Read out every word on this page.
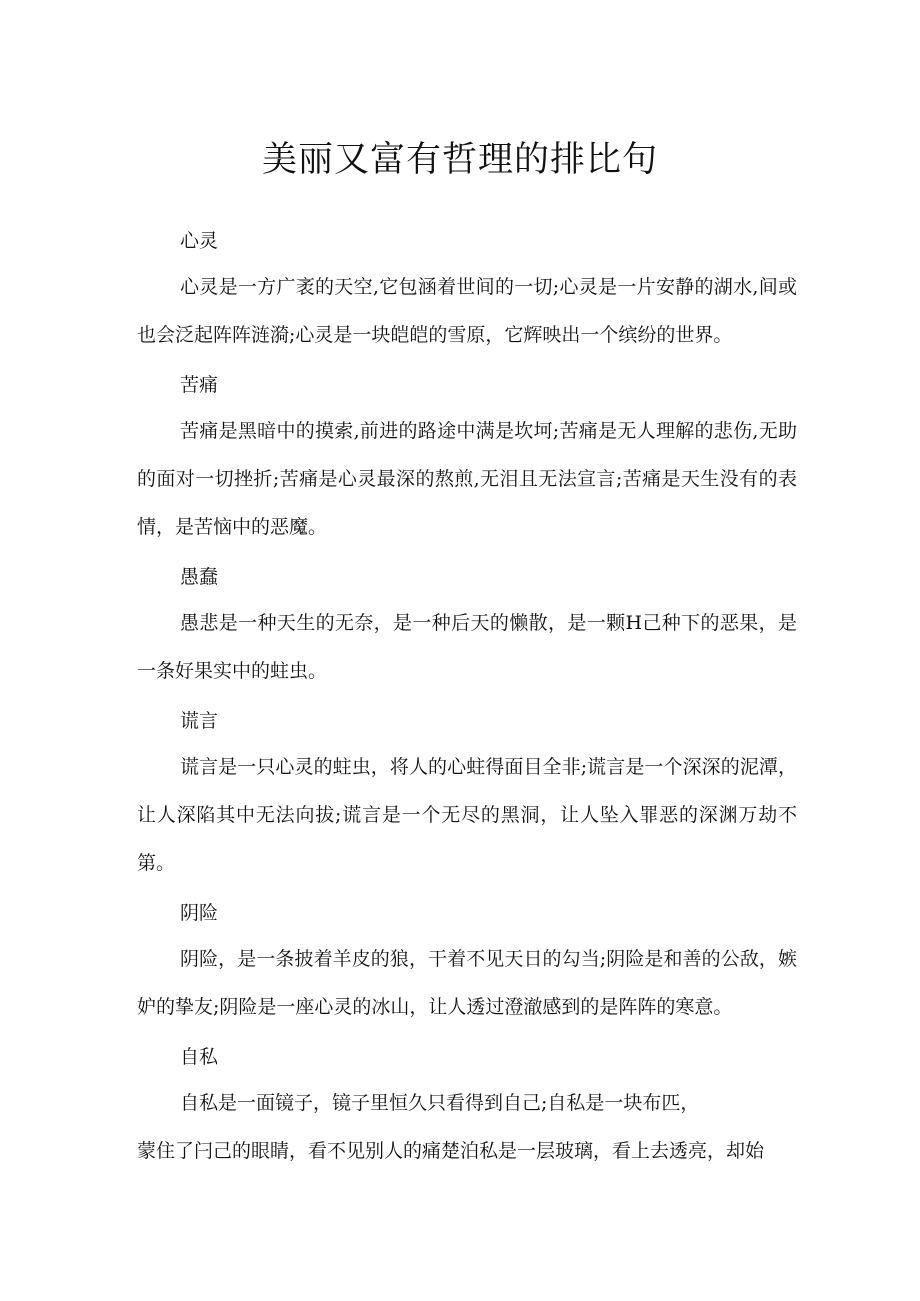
美丽又富有哲理的排比句
心灵
心灵是一方广袤的天空,它包涵着世间的一切;心灵是一片安静的湖水,间或也会泛起阵阵涟漪;心灵是一块皑皑的雪原，它辉映出一个缤纷的世界。
苦痛
苦痛是黑暗中的摸索,前进的路途中满是坎坷;苦痛是无人理解的悲伤,无助的面对一切挫折;苦痛是心灵最深的熬煎,无泪且无法宣言;苦痛是天生没有的表情，是苦恼中的恶魔。
愚蠢
愚悲是一种天生的无奈，是一种后天的懒散，是一颗H己种下的恶果，是一条好果实中的蛀虫。
谎言
谎言是一只心灵的蛀虫，将人的心蛀得面目全非;谎言是一个深深的泥潭，让人深陷其中无法向拔;谎言是一个无尽的黑洞，让人坠入罪恶的深渊万劫不第。
阴险
阴险，是一条披着羊皮的狼，干着不见天日的勾当;阴险是和善的公敌，嫉妒的挚友;阴险是一座心灵的冰山，让人透过澄澈感到的是阵阵的寒意。
自私
自私是一面镜子，镜子里恒久只看得到自己;自私是一块布匹，
蒙住了闩己的眼睛，看不见别人的痛楚泊私是一层玻璃，看上去透亮，却始
